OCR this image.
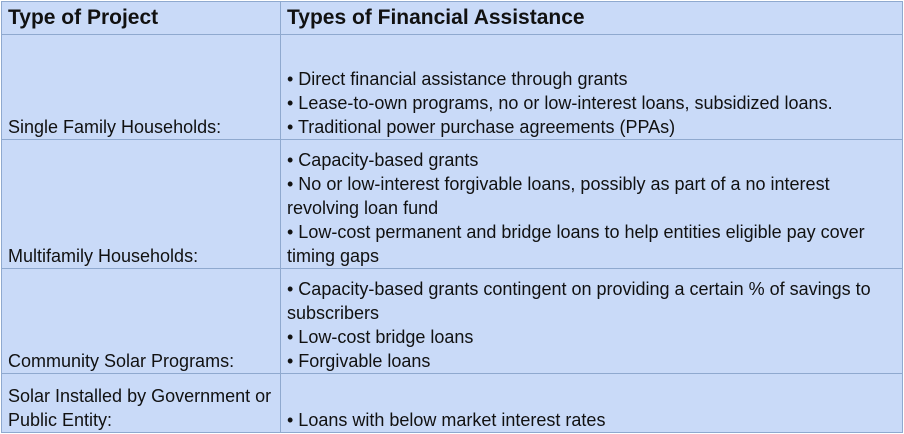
Type of Project	Types of Financial Assistance
Single Family Households:	• Direct financial assistance through grants
• Lease-to-own programs, no or low-interest loans, subsidized loans.
• Traditional power purchase agreements (PPAs)

Multifamily Households:	• Capacity-based grants
• No or low-interest forgivable loans, possibly as part of a no interest revolving loan fund
• Low-cost permanent and bridge loans to help entities eligible pay cover timing gaps

Community Solar Programs:	• Capacity-based grants contingent on providing a certain % of savings to subscribers
• Low-cost bridge loans
• Forgivable loans

Solar Installed by Government or Public Entity:	• Loans with below market interest rates
